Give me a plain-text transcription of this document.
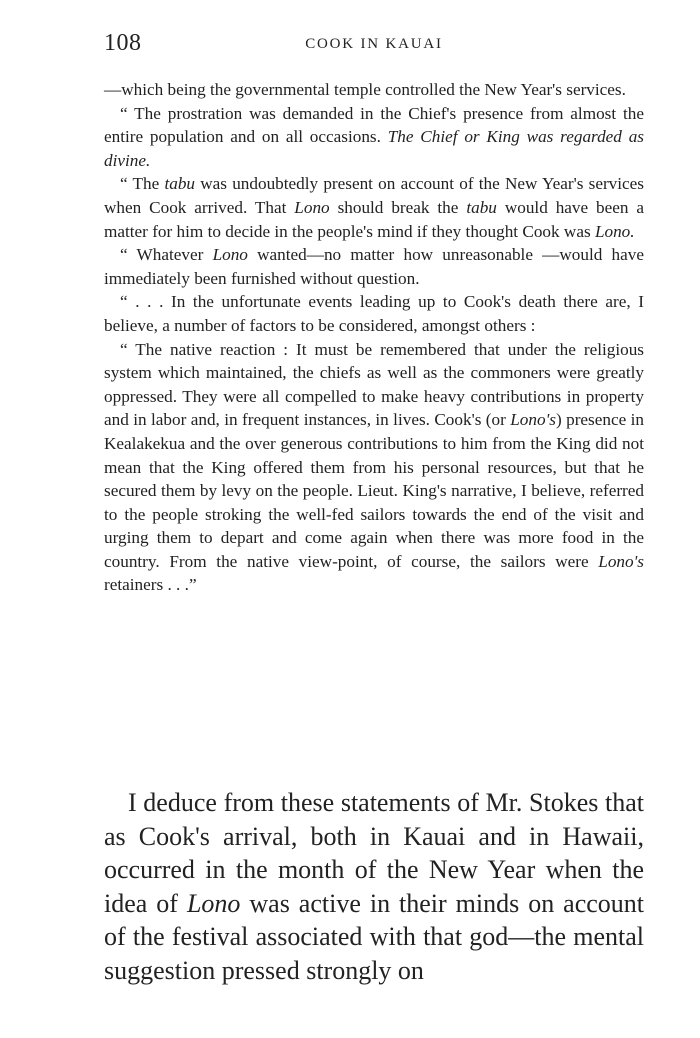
108	COOK IN KAUAI

—which being the governmental temple controlled the New Year's services.

“ The prostration was demanded in the Chief's presence from almost the entire population and on all occasions. The Chief or King was regarded as divine.

“ The tabu was undoubtedly present on account of the New Year's services when Cook arrived. That Lono should break the tabu would have been a matter for him to decide in the people's mind if they thought Cook was Lono.

“ Whatever Lono wanted—no matter how unreasonable —would have immediately been furnished without question.

“ . . . In the unfortunate events leading up to Cook's death there are, I believe, a number of factors to be considered, amongst others :

“ The native reaction : It must be remembered that under the religious system which maintained, the chiefs as well as the commoners were greatly oppressed. They were all compelled to make heavy contributions in property and in labor and, in frequent instances, in lives. Cook's (or Lono's) presence in Kealakekua and the over generous contributions to him from the King did not mean that the King offered them from his personal resources, but that he secured them by levy on the people. Lieut. King's narrative, I believe, referred to the people stroking the well-fed sailors towards the end of the visit and urging them to depart and come again when there was more food in the country. From the native view-point, of course, the sailors were Lono's retainers . . .”

I deduce from these statements of Mr. Stokes that as Cook's arrival, both in Kauai and in Hawaii, occurred in the month of the New Year when the idea of Lono was active in their minds on account of the festival associated with that god—the mental suggestion pressed strongly on
